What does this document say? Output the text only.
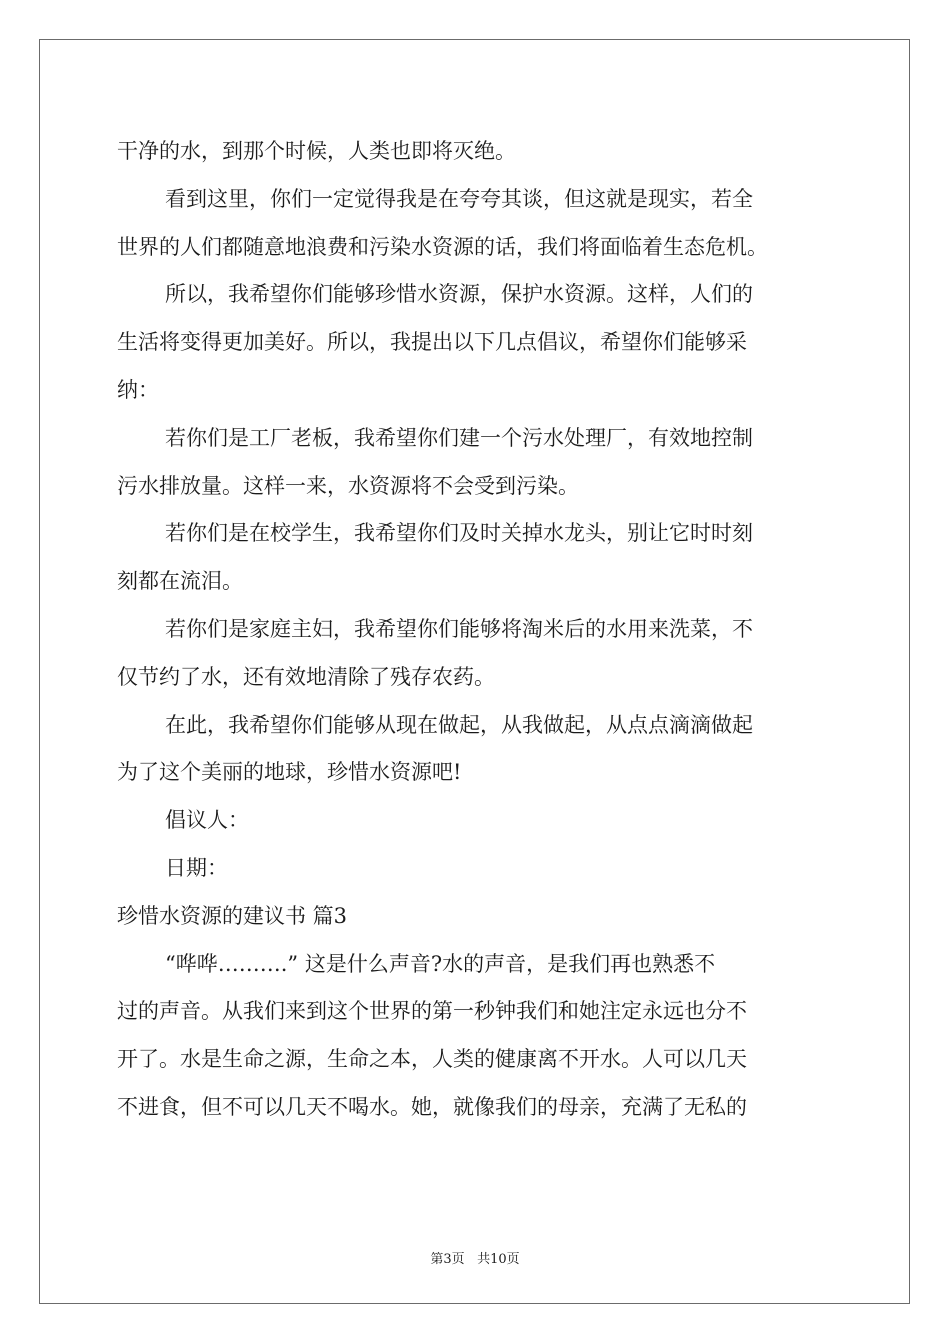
干净的水，到那个时候，人类也即将灭绝。
看到这里，你们一定觉得我是在夸夸其谈，但这就是现实，若全
世界的人们都随意地浪费和污染水资源的话，我们将面临着生态危机。
所以，我希望你们能够珍惜水资源，保护水资源。这样，人们的
生活将变得更加美好。所以，我提出以下几点倡议，希望你们能够采
纳：
若你们是工厂老板，我希望你们建一个污水处理厂，有效地控制
污水排放量。这样一来，水资源将不会受到污染。
若你们是在校学生，我希望你们及时关掉水龙头，别让它时时刻
刻都在流泪。
若你们是家庭主妇，我希望你们能够将淘米后的水用来洗菜，不
仅节约了水，还有效地清除了残存农药。
在此，我希望你们能够从现在做起，从我做起，从点点滴滴做起
为了这个美丽的地球，珍惜水资源吧!
倡议人：
日期：
珍惜水资源的建议书 篇3
“哗哗……….” 这是什么声音?水的声音，是我们再也熟悉不
过的声音。从我们来到这个世界的第一秒钟我们和她注定永远也分不
开了。水是生命之源，生命之本，人类的健康离不开水。人可以几天
不进食，但不可以几天不喝水。她，就像我们的母亲，充满了无私的
第3页 共10页
